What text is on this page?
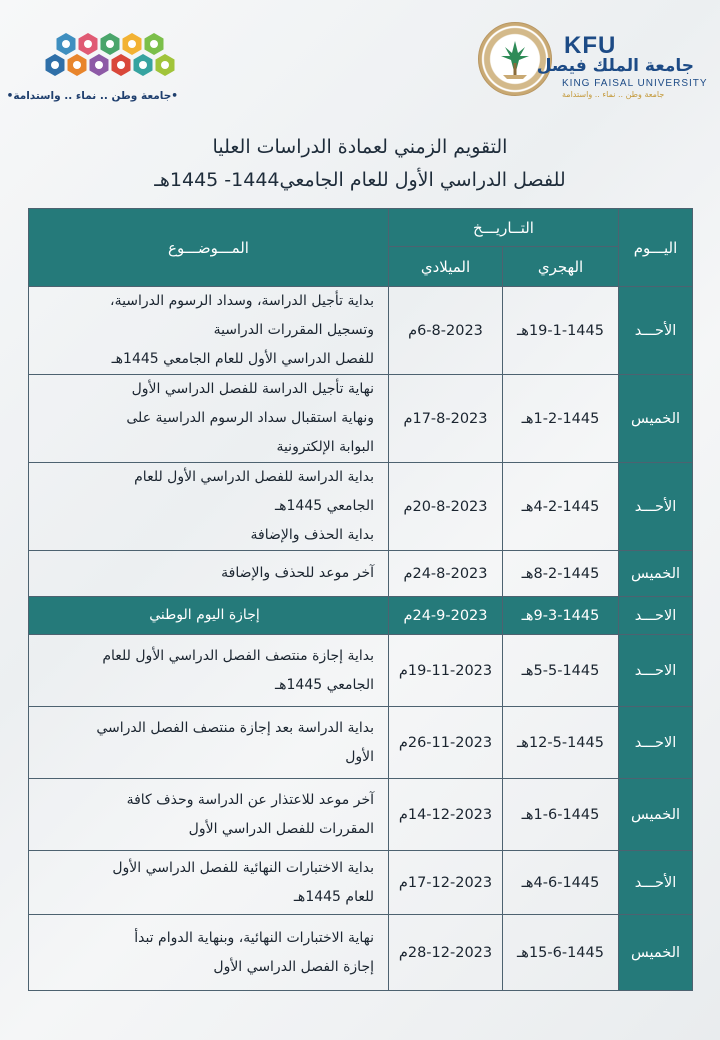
•جامعة وطن .. نماء .. واستدامة•
KFU
جامعة الملك فيصل
KING FAISAL UNIVERSITY
جامعة وطن .. نماء .. واستدامة
التقويم الزمني لعمادة الدراسات العليا
للفصل الدراسي الأول للعام الجامعي1444- 1445هـ
اليـــوم	التــاريـــخ		المـــوضـــوع
	الهجري	الميلادي	
الأحـــد	19-1-1445هـ	6-8-2023م	بداية تأجيل الدراسة، وسداد الرسوم الدراسية،
وتسجيل المقررات الدراسية
للفصل الدراسي الأول للعام الجامعي 1445هـ

الخميس	1-2-1445هـ	17-8-2023م	نهاية تأجيل الدراسة للفصل الدراسي الأول
ونهاية استقبال سداد الرسوم الدراسية على
البوابة الإلكترونية

الأحـــد	4-2-1445هـ	20-8-2023م	بداية الدراسة للفصل الدراسي الأول للعام
الجامعي 1445هـ
بداية الحذف والإضافة

الخميس	8-2-1445هـ	24-8-2023م	آخر موعد للحذف والإضافة

الاحـــد	9-3-1445هـ	24-9-2023م	إجازة اليوم الوطني

الاحـــد	5-5-1445هـ	19-11-2023م	بداية إجازة منتصف الفصل الدراسي الأول للعام
الجامعي 1445هـ

الاحـــد	12-5-1445هـ	26-11-2023م	بداية الدراسة بعد إجازة منتصف الفصل الدراسي
الأول

الخميس	1-6-1445هـ	14-12-2023م	آخر موعد للاعتذار عن الدراسة وحذف كافة
المقررات للفصل الدراسي الأول

الأحـــد	4-6-1445هـ	17-12-2023م	بداية الاختبارات النهائية للفصل الدراسي الأول
للعام 1445هـ

الخميس	15-6-1445هـ	28-12-2023م	نهاية الاختبارات النهائية، وبنهاية الدوام تبدأ
إجازة الفصل الدراسي الأول
